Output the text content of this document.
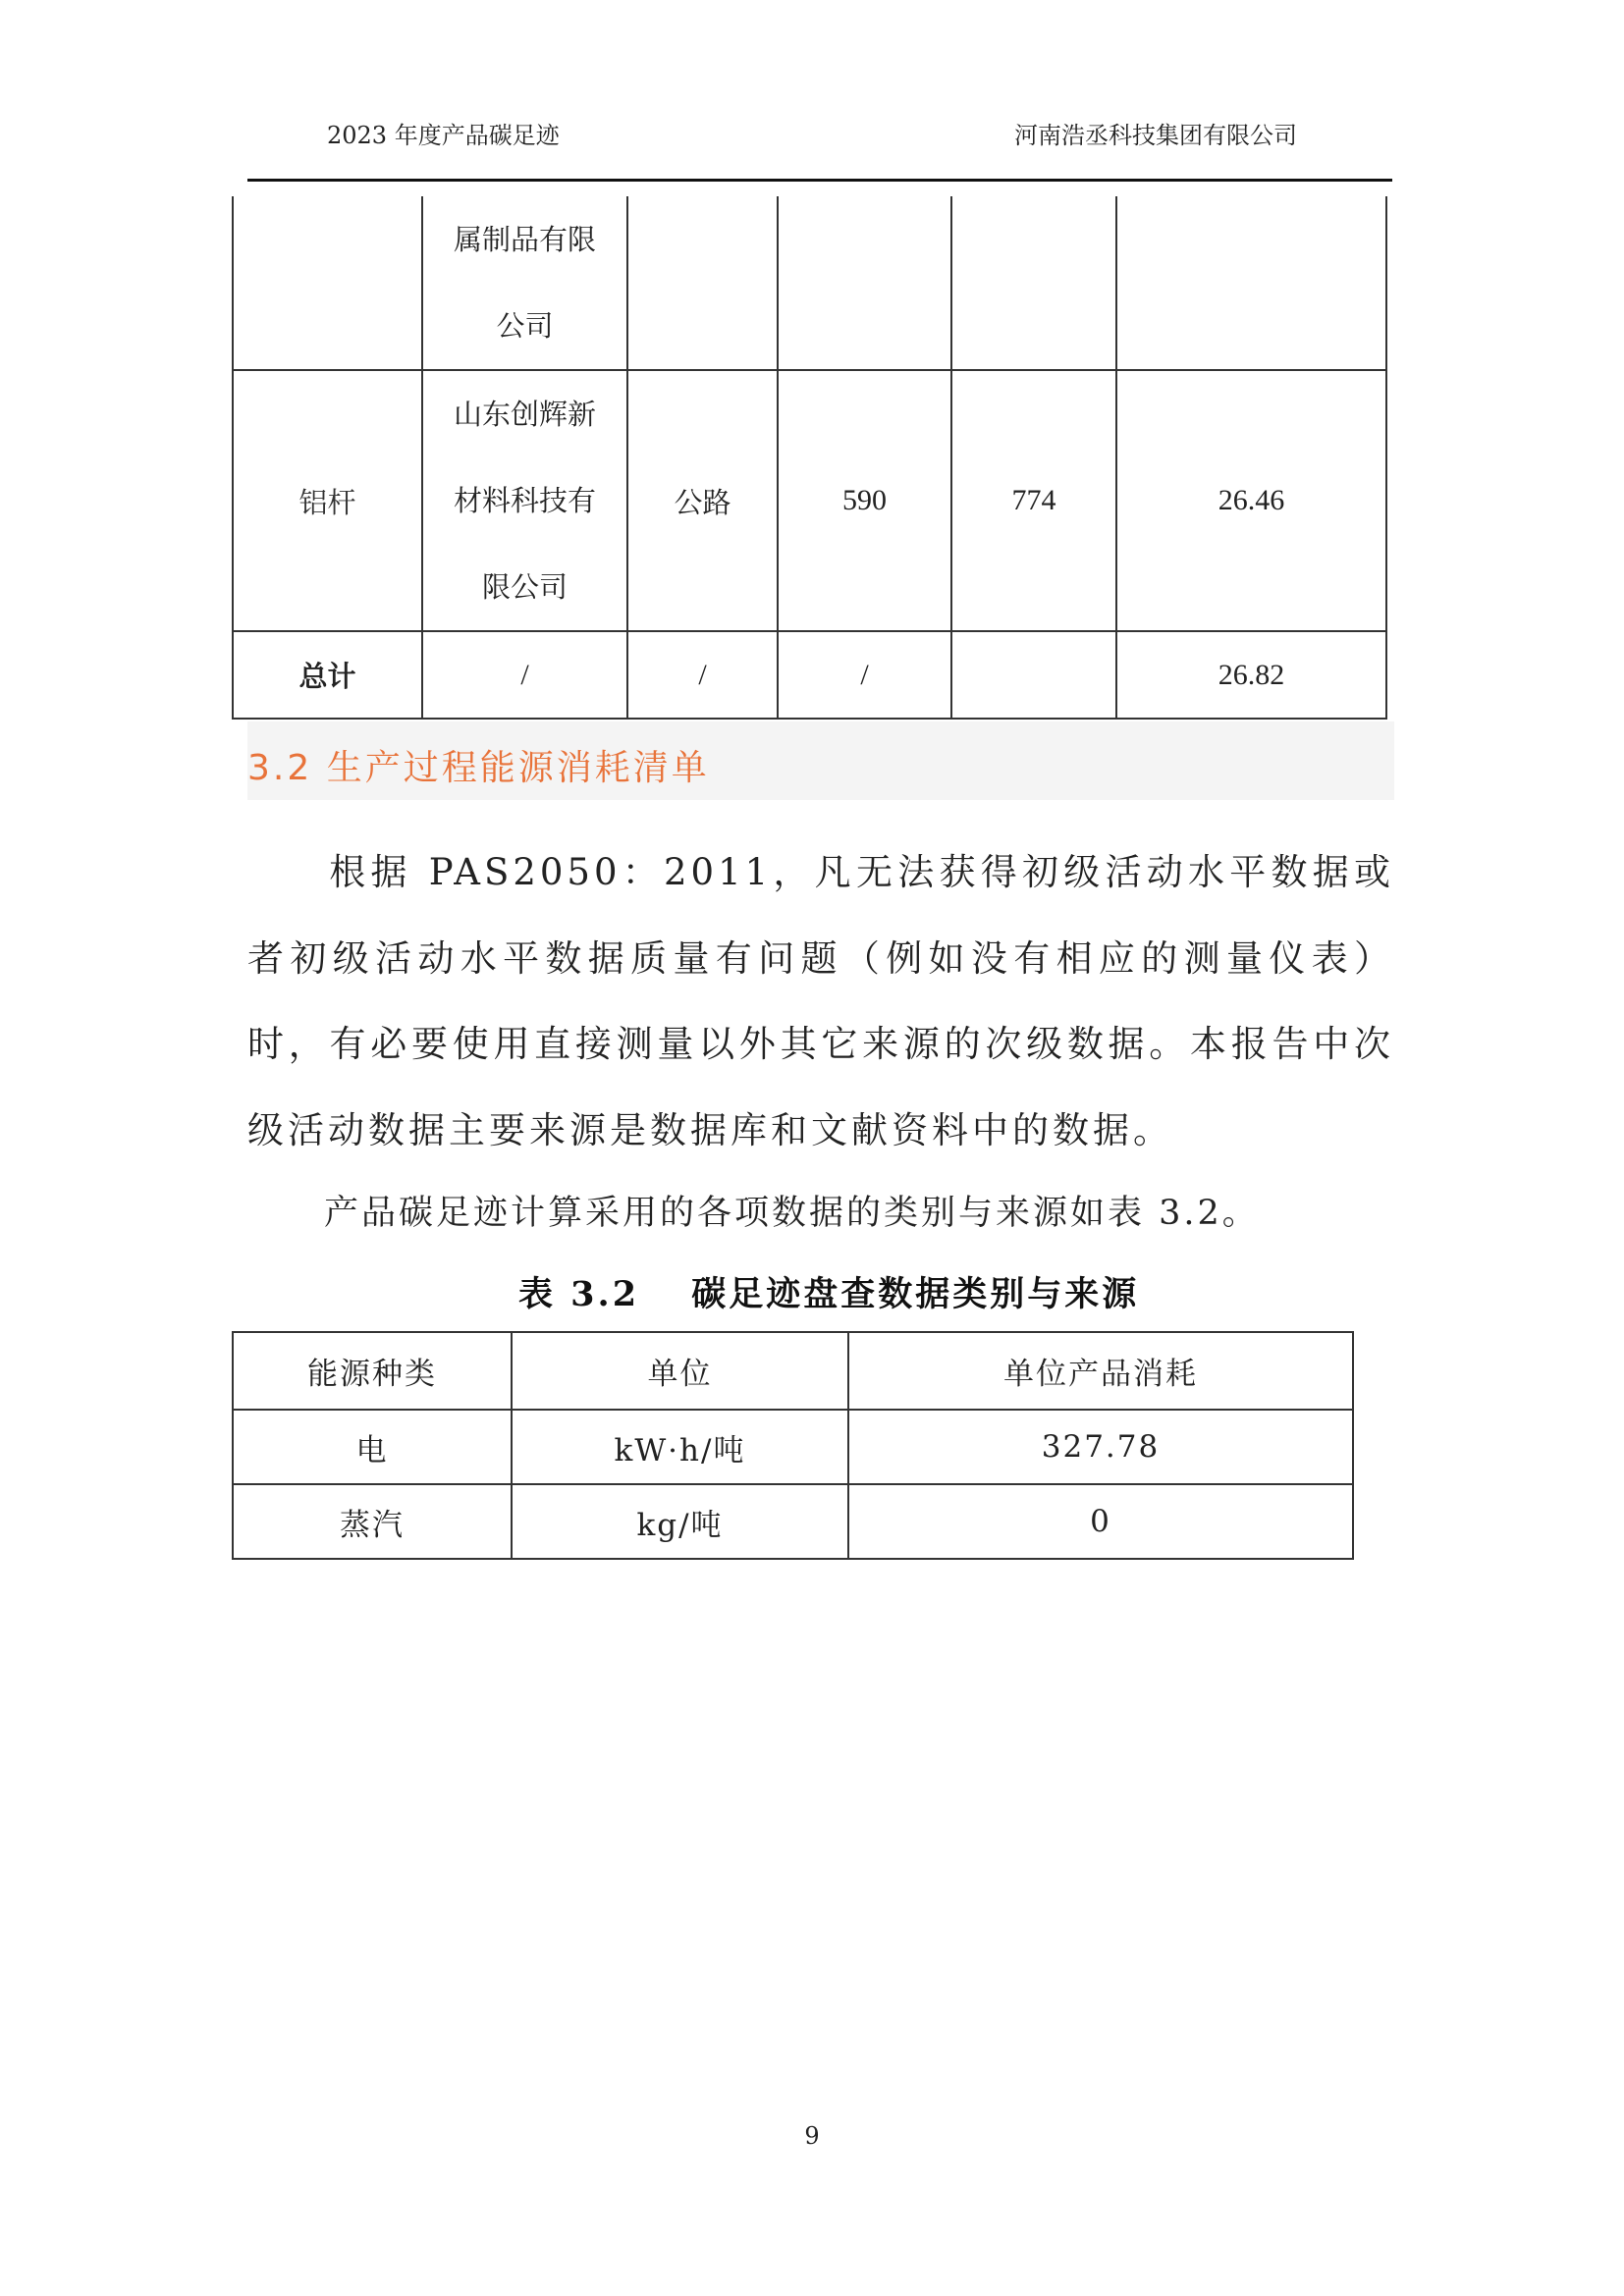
2023 年度产品碳足迹	河南浩丞科技集团有限公司
	属制品有限
公司				
铝杆	山东创辉新
材料科技有
限公司	公路	590	774	26.46
总计	/	/	/		26.82
3.2 生产过程能源消耗清单
根据 PAS2050：2011，凡无法获得初级活动水平数据或者初级活动水平数据质量有问题（例如没有相应的测量仪表）时，有必要使用直接测量以外其它来源的次级数据。本报告中次级活动数据主要来源是数据库和文献资料中的数据。
产品碳足迹计算采用的各项数据的类别与来源如表 3.2。
表 3.2　 碳足迹盘查数据类别与来源
能源种类	单位	单位产品消耗
电	kW·h/吨	327.78
蒸汽	kg/吨	0
9
